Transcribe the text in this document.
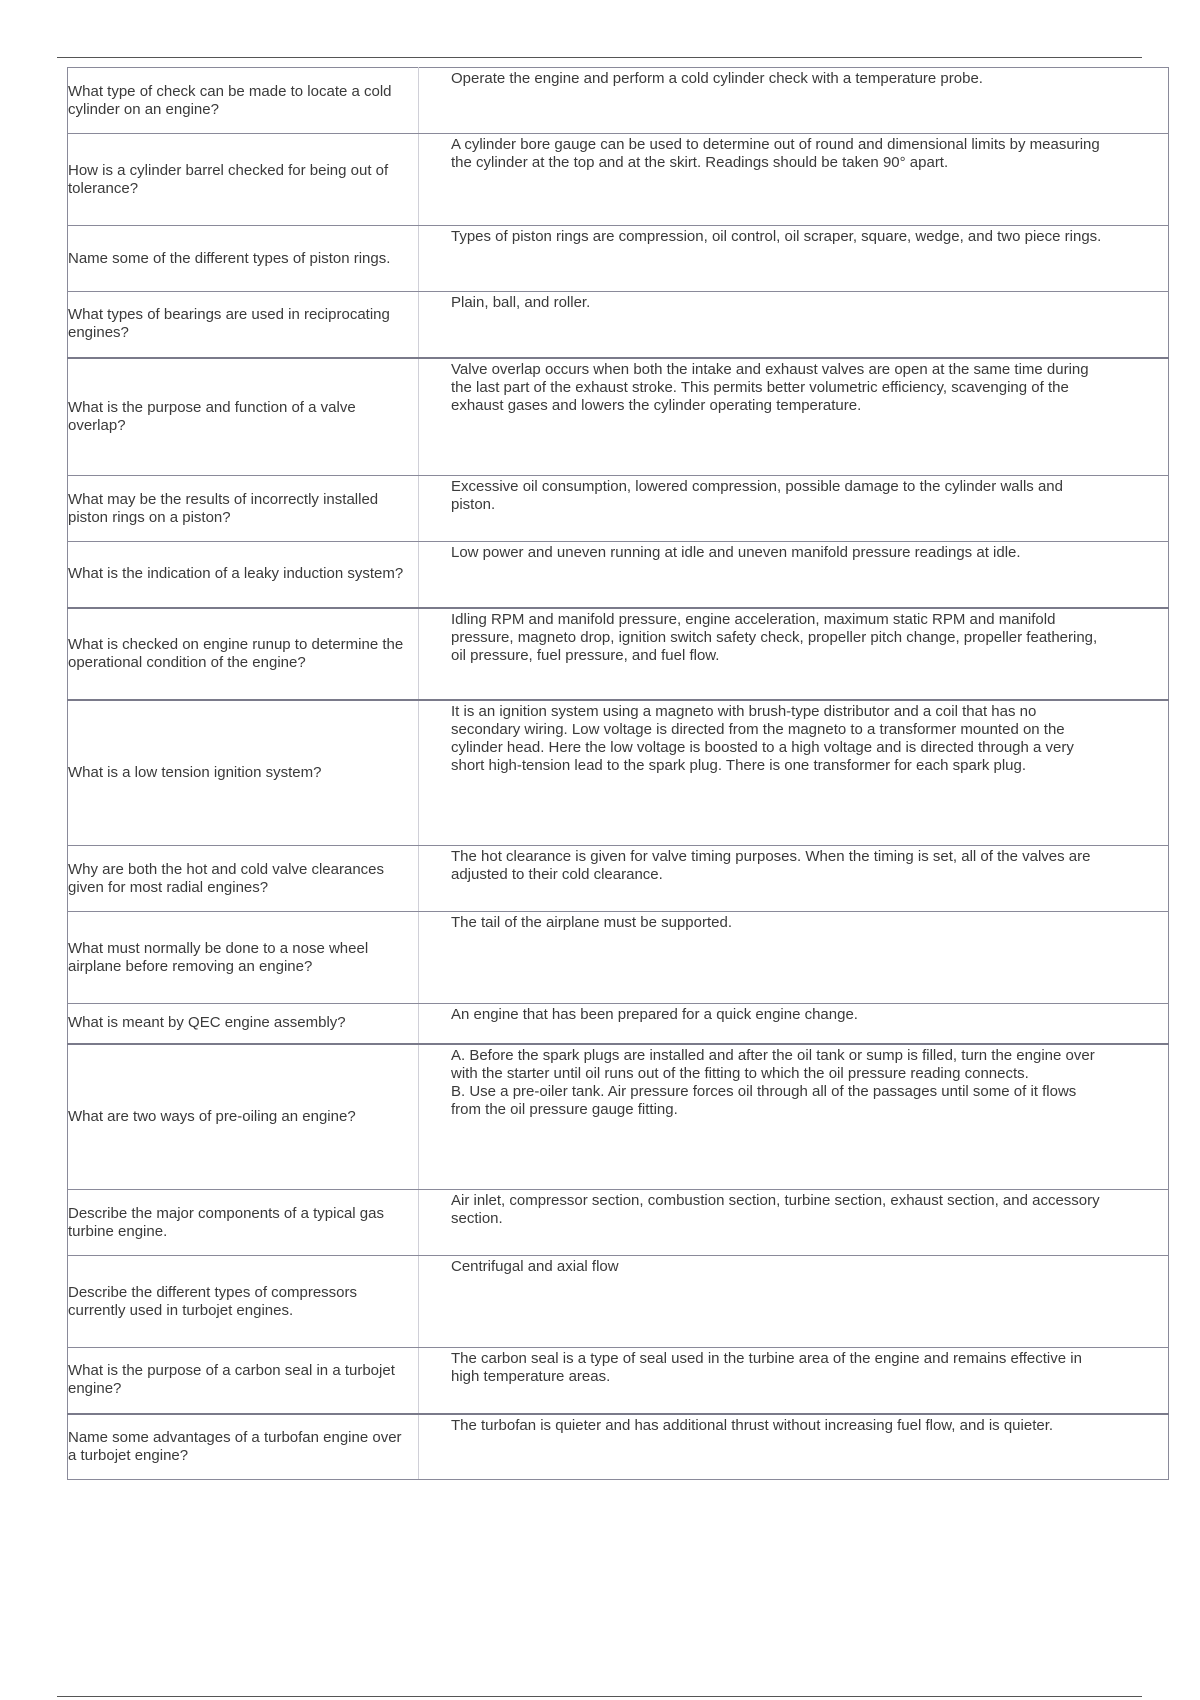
What type of check can be made to locate a cold cylinder on an engine?	Operate the engine and perform a cold cylinder check with a temperature probe.
How is a cylinder barrel checked for being out of tolerance?	A cylinder bore gauge can be used to determine out of round and dimensional limits by measuring the cylinder at the top and at the skirt. Readings should be taken 90° apart.
Name some of the different types of piston rings.	Types of piston rings are compression, oil control, oil scraper, square, wedge, and two piece rings.
What types of bearings are used in reciprocating engines?	Plain, ball, and roller.
What is the purpose and function of a valve overlap?	Valve overlap occurs when both the intake and exhaust valves are open at the same time during the last part of the exhaust stroke. This permits better volumetric efficiency, scavenging of the exhaust gases and lowers the cylinder operating temperature.
What may be the results of incorrectly installed piston rings on a piston?	Excessive oil consumption, lowered compression, possible damage to the cylinder walls and piston.
What is the indication of a leaky induction system?	Low power and uneven running at idle and uneven manifold pressure readings at idle.
What is checked on engine runup to determine the operational condition of the engine?	Idling RPM and manifold pressure, engine acceleration, maximum static RPM and manifold pressure, magneto drop, ignition switch safety check, propeller pitch change, propeller feathering, oil pressure, fuel pressure, and fuel flow.
What is a low tension ignition system?	It is an ignition system using a magneto with brush-type distributor and a coil that has no secondary wiring. Low voltage is directed from the magneto to a transformer mounted on the cylinder head. Here the low voltage is boosted to a high voltage and is directed through a very short high-tension lead to the spark plug. There is one transformer for each spark plug.
Why are both the hot and cold valve clearances given for most radial engines?	The hot clearance is given for valve timing purposes. When the timing is set, all of the valves are adjusted to their cold clearance.
What must normally be done to a nose wheel airplane before removing an engine?	The tail of the airplane must be supported.
What is meant by QEC engine assembly?	An engine that has been prepared for a quick engine change.
What are two ways of pre-oiling an engine?	A. Before the spark plugs are installed and after the oil tank or sump is filled, turn the engine over with the starter until oil runs out of the fitting to which the oil pressure reading connects.
B. Use a pre-oiler tank. Air pressure forces oil through all of the passages until some of it flows from the oil pressure gauge fitting.
Describe the major components of a typical gas turbine engine.	Air inlet, compressor section, combustion section, turbine section, exhaust section, and accessory section.
Describe the different types of compressors currently used in turbojet engines.	Centrifugal and axial flow
What is the purpose of a carbon seal in a turbojet engine?	The carbon seal is a type of seal used in the turbine area of the engine and remains effective in high temperature areas.
Name some advantages of a turbofan engine over a turbojet engine?	The turbofan is quieter and has additional thrust without increasing fuel flow, and is quieter.
